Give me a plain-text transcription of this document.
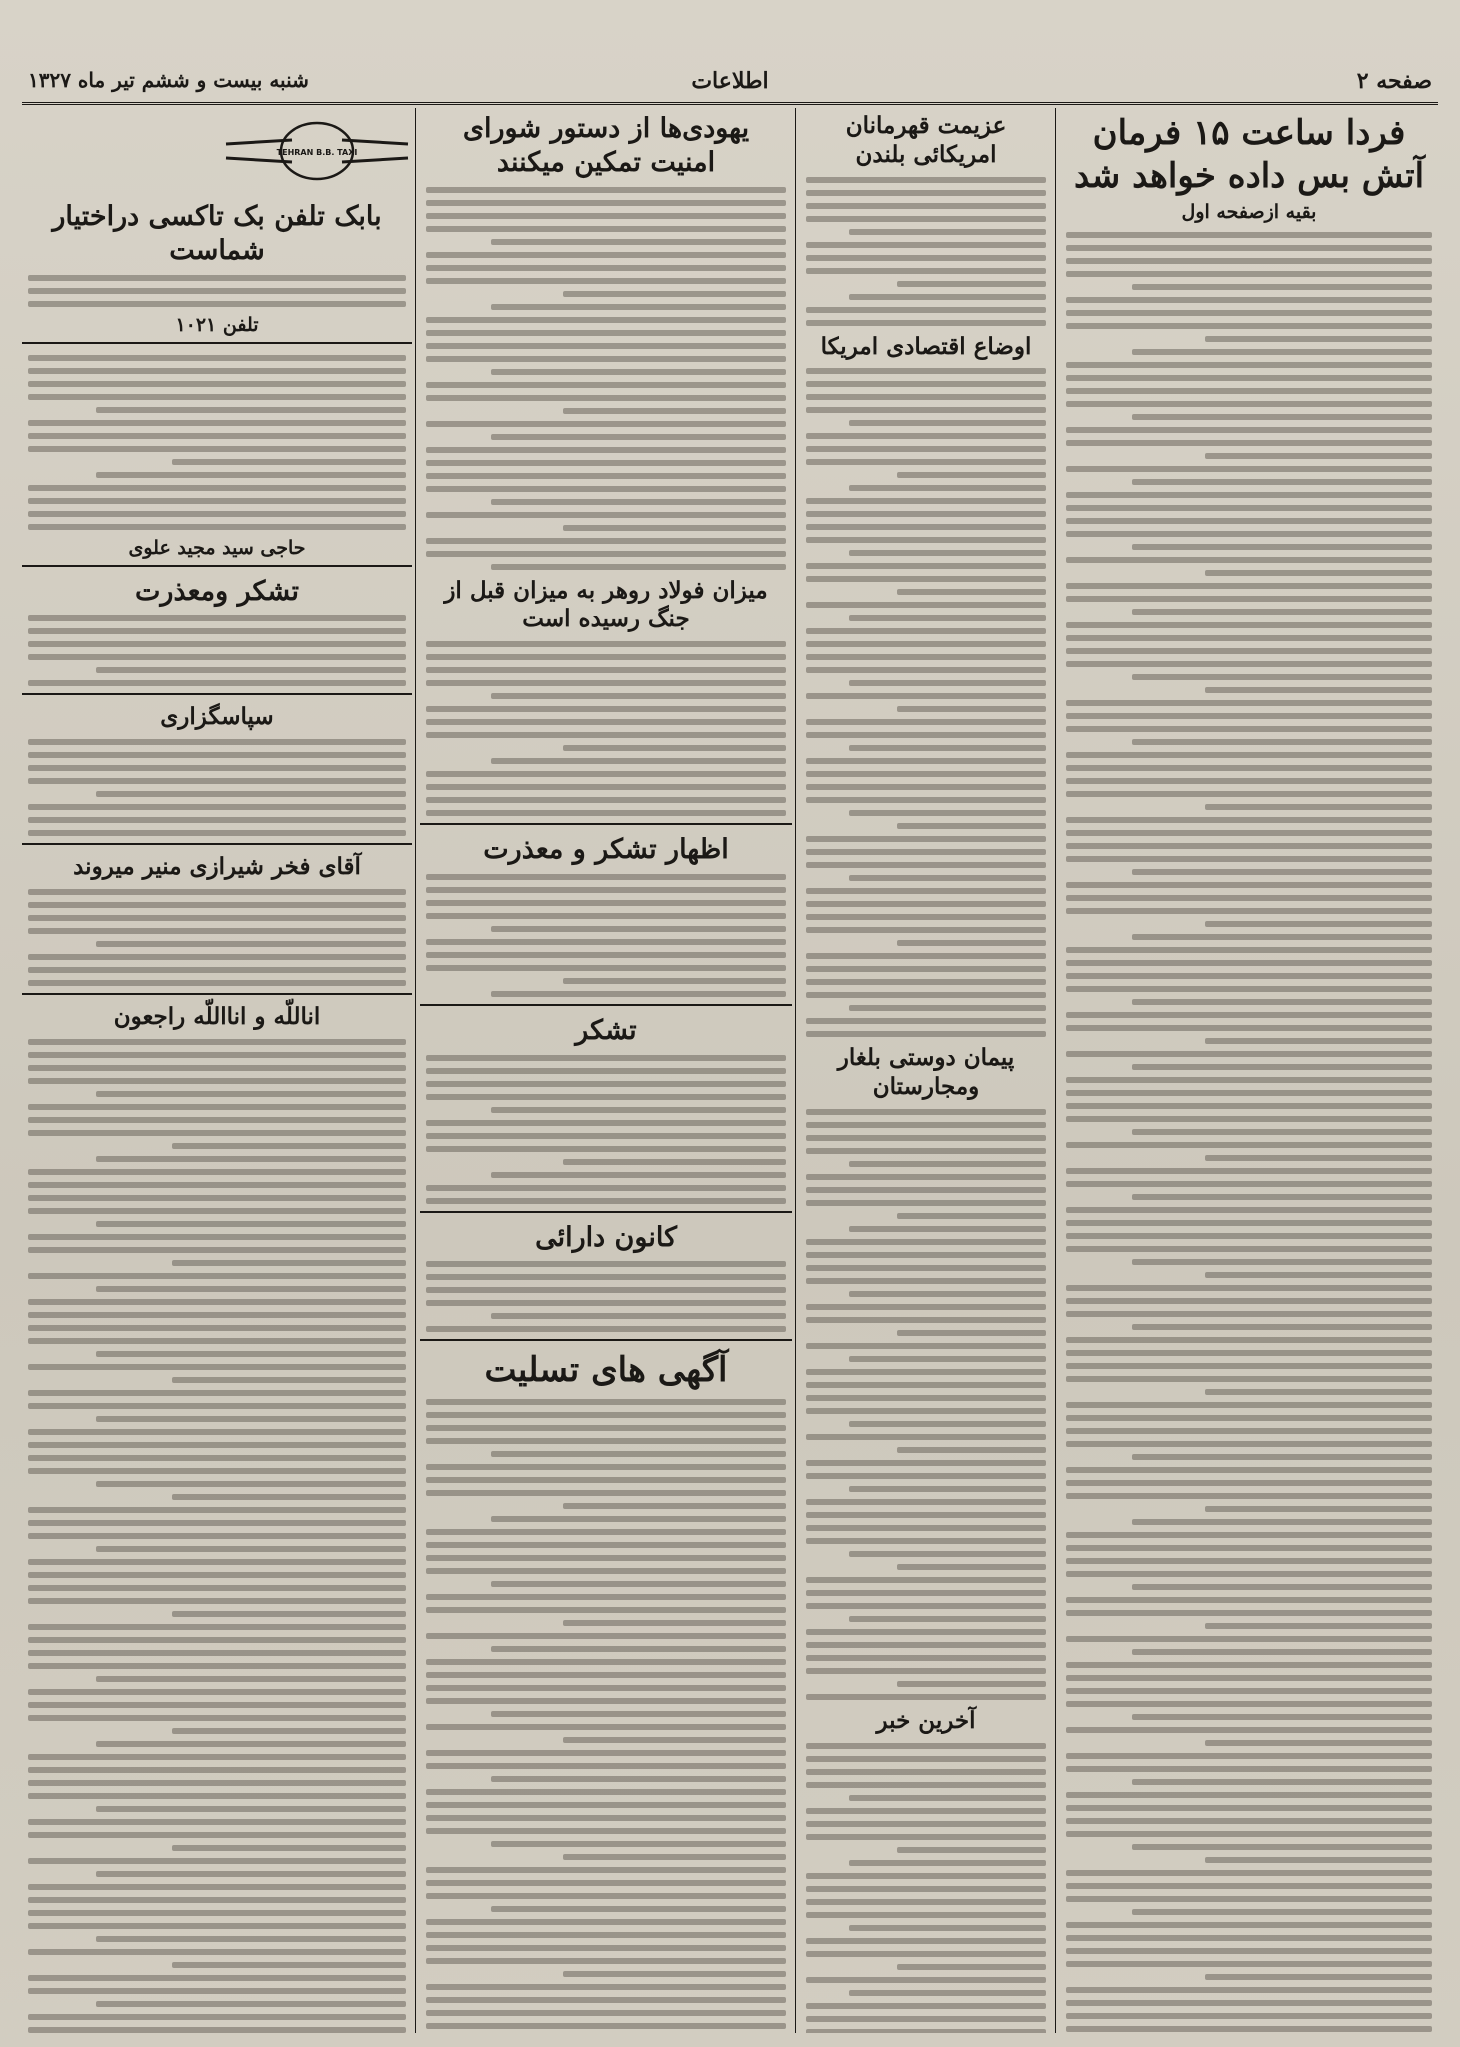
صفحه ۲
اطلاعات
شنبه بیست و ششم تیر ماه ۱۳۲۷
فردا ساعت ۱۵ فرمان آتش بس داده خواهد شد
بقیه ازصفحه اول
عزیمت قهرمانان امریکائی بلندن
اوضاع اقتصادی امریکا
پیمان دوستی بلغار ومجارستان
آخرین خبر
یهودی‌ها از دستور شورای امنیت تمکین میکنند
میزان فولاد روهر به میزان قبل از جنگ رسیده است
اظهار تشکر و معذرت
تشکر
کانون دارائی
آگهی های تسلیت
TEHRAN B.B. TAXI
بابک تلفن بک تاکسی دراختیار شماست
تلفن ۱۰۲۱
حاجی سید مجید علوی
تشکر ومعذرت
سپاسگزاری
آقای فخر شیرازی منیر میروند
اناللّه و انااللّه راجعون
